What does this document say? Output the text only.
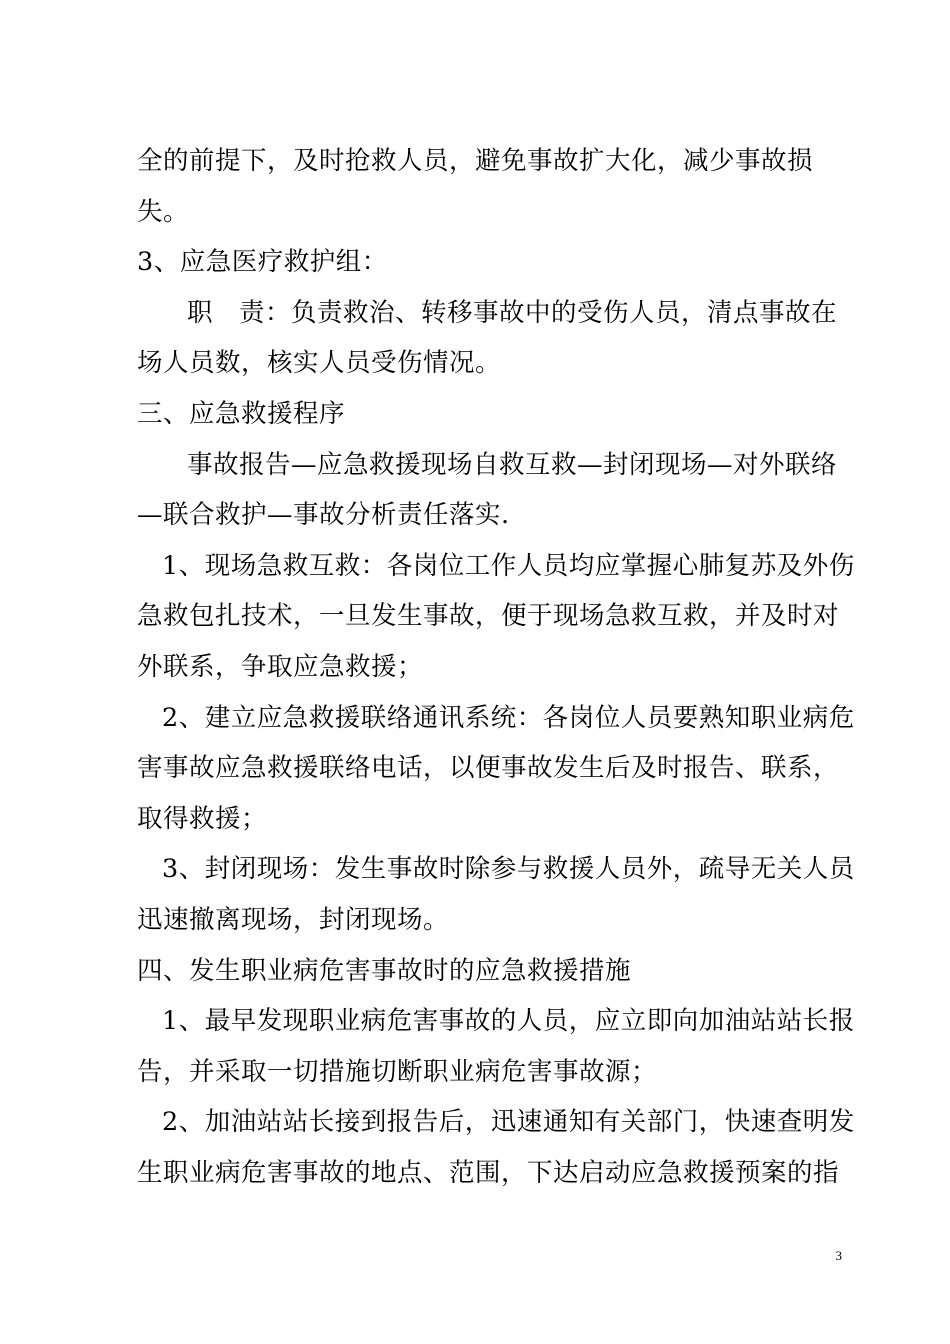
全的前提下，及时抢救人员，避免事故扩大化，减少事故损
失。
3、应急医疗救护组：
职　责：负责救治、转移事故中的受伤人员，清点事故在
场人员数，核实人员受伤情况。
三、应急救援程序
事故报告—应急救援现场自救互救—封闭现场—对外联络
—联合救护—事故分析责任落实.
1、现场急救互救：各岗位工作人员均应掌握心肺复苏及外伤
急救包扎技术，一旦发生事故，便于现场急救互救，并及时对
外联系，争取应急救援；
2、建立应急救援联络通讯系统：各岗位人员要熟知职业病危
害事故应急救援联络电话，以便事故发生后及时报告、联系，
取得救援；
3、封闭现场：发生事故时除参与救援人员外，疏导无关人员
迅速撤离现场，封闭现场。
四、发生职业病危害事故时的应急救援措施
1、最早发现职业病危害事故的人员，应立即向加油站站长报
告，并采取一切措施切断职业病危害事故源；
2、加油站站长接到报告后，迅速通知有关部门，快速查明发
生职业病危害事故的地点、范围，下达启动应急救援预案的指
3
